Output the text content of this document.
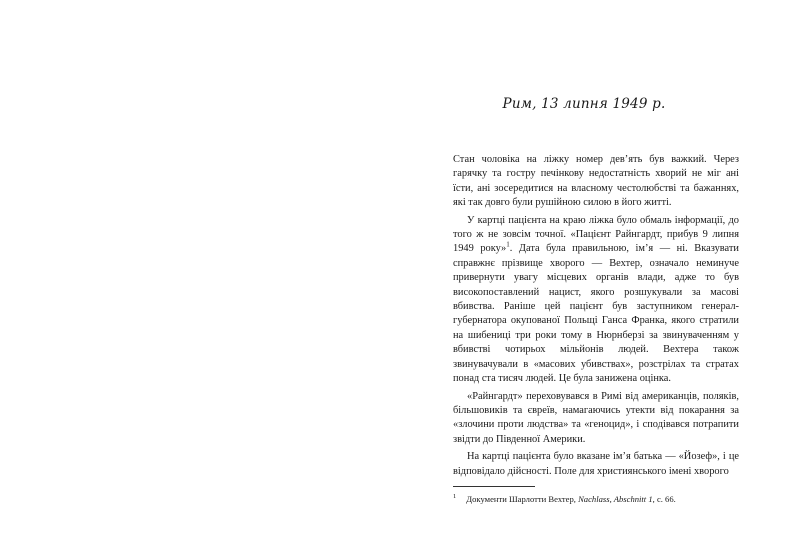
Рим, 13 липня 1949 р.

Стан чоловіка на ліжку номер дев’ять був важкий. Через гарячку та гостру печінкову недостатність хворий не міг ані їсти, ані зосередитися на власному честолюбстві та бажаннях, які так довго були рушійною силою в його житті.

У картці пацієнта на краю ліжка було обмаль інформації, до того ж не зовсім точної. «Пацієнт Райнгардт, прибув 9 липня 1949 року»$^1$. Дата була правильною, ім’я — ні. Вказувати справжнє прізвище хворого — Вехтер, означало неминуче привернути увагу місцевих органів влади, адже то був високопоставлений нацист, якого розшукували за масові вбивства. Раніше цей пацієнт був заступником генерал-губернатора окупованої Польщі Ганса Франка, якого стратили на шибениці три роки тому в Нюрнберзі за звинуваченням у вбивстві чотирьох мільйонів людей. Вехтера також звинувачували в «масових убивствах», розстрілах та стратах понад ста тисяч людей. Це була занижена оцінка.

«Райнгардт» переховувався в Римі від американців, поляків, більшовиків та євреїв, намагаючись утекти від покарання за «злочини проти людства» та «геноцид», і сподівався потрапити звідти до Південної Америки.

На картці пацієнта було вказане ім’я батька — «Йозеф», і це відповідало дійсності. Поле для християнського імені хворого

$^1$ Документи Шарлотти Вехтер, Nachlass, Abschnitt 1, с. 66.
